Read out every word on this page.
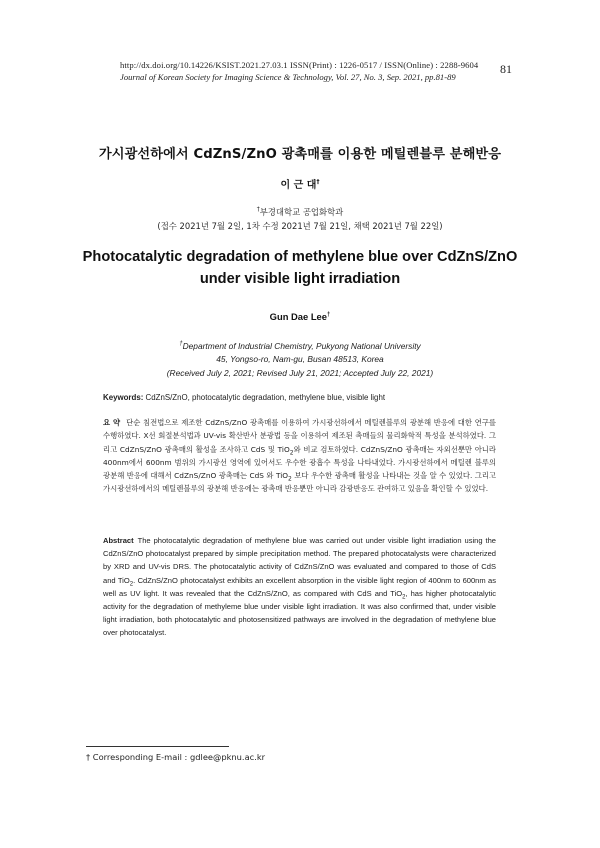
http://dx.doi.org/10.14226/KSIST.2021.27.03.1 ISSN(Print) : 1226-0517 / ISSN(Online) : 2288-9604
Journal of Korean Society for Imaging Science & Technology, Vol. 27, No. 3, Sep. 2021, pp.81-89
81
가시광선하에서 CdZnS/ZnO 광촉매를 이용한 메틸렌블루 분해반응
이 근 대†
†부경대학교 공업화학과
(접수 2021년 7월 2일, 1차 수정 2021년 7월 21일, 채택 2021년 7월 22일)
Photocatalytic degradation of methylene blue over CdZnS/ZnO
under visible light irradiation
Gun Dae Lee†
†Department of Industrial Chemistry, Pukyong National University
45, Yongso-ro, Nam-gu, Busan 48513, Korea
(Received July 2, 2021; Revised July 21, 2021; Accepted July 22, 2021)
Keywords: CdZnS/ZnO, photocatalytic degradation, methylene blue, visible light
요 약 단순 침전법으로 제조한 CdZnS/ZnO 광촉매를 이용하여 가시광선하에서 메틸렌블루의 광분해 반응에 대한 연구를 수행하였다. X선 회절분석법과 UV-vis 확산반사 분광법 등을 이용하여 제조된 촉매들의 물리화학적 특성을 분석하였다. 그리고 CdZnS/ZnO 광촉매의 활성을 조사하고 CdS 및 TiO$_2$와 비교 검토하였다. CdZnS/ZnO 광촉매는 자외선뿐만 아니라 400nm에서 600nm 범위의 가시광선 영역에 있어서도 우수한 광흡수 특성을 나타내었다. 가시광선하에서 메틸렌 블루의 광분해 반응에 대해서 CdZnS/ZnO 광촉매는 CdS 와 TiO$_2$ 보다 우수한 광촉매 활성을 나타내는 것을 알 수 있었다. 그리고 가시광선하에서의 메틸렌블루의 광분해 반응에는 광촉매 반응뿐만 아니라 감광반응도 관여하고 있음을 확인할 수 있었다.
Abstract The photocatalytic degradation of methylene blue was carried out under visible light irradiation using the CdZnS/ZnO photocatalyst prepared by simple precipitation method. The prepared photocatalysts were characterized by XRD and UV-vis DRS. The photocatalytic activity of CdZnS/ZnO was evaluated and compared to those of CdS and TiO$_2$. CdZnS/ZnO photocatalyst exhibits an excellent absorption in the visible light region of 400nm to 600nm as well as UV light. It was revealed that the CdZnS/ZnO, as compared with CdS and TiO$_2$, has higher photocatalytic activity for the degradation of methyleme blue under visible light irradiation. It was also confirmed that, under visible light irradiation, both photocatalytic and photosensitized pathways are involved in the degradation of methylene blue over photocatalyst.
† Corresponding E-mail : gdlee@pknu.ac.kr
